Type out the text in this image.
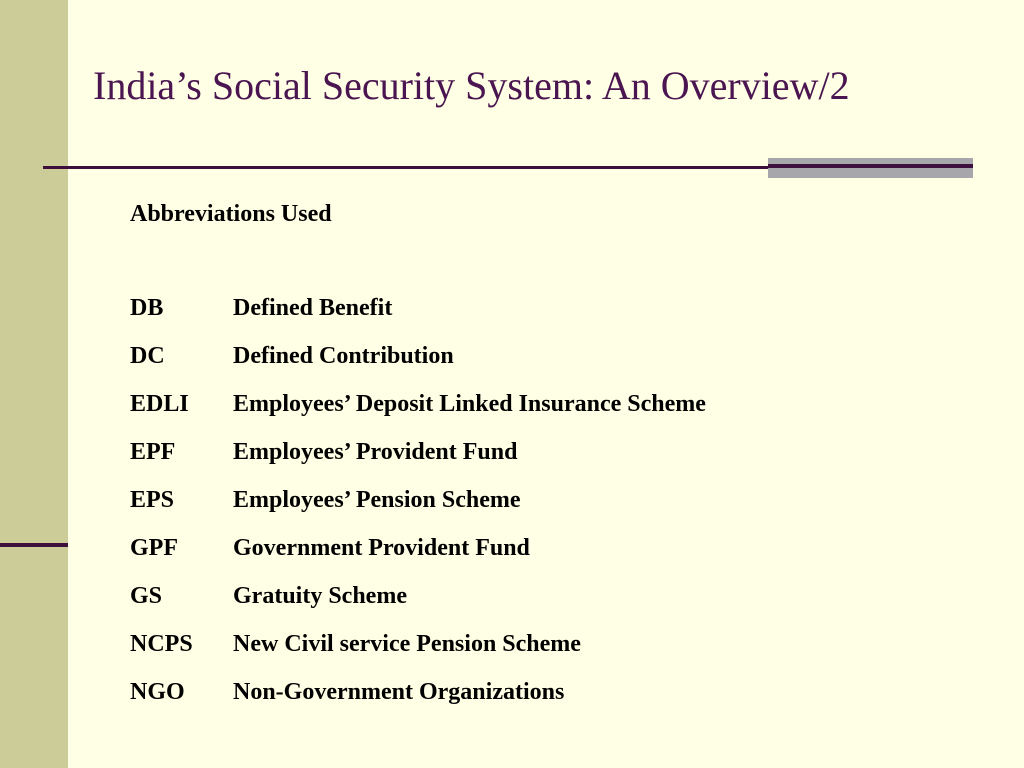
India’s Social Security System: An Overview/2
Abbreviations Used
DB	Defined Benefit
DC	Defined Contribution
EDLI	Employees’ Deposit Linked Insurance Scheme
EPF	Employees’ Provident Fund
EPS	Employees’ Pension Scheme
GPF	Government Provident Fund
GS	Gratuity Scheme
NCPS	New Civil service Pension Scheme
NGO	Non-Government Organizations
